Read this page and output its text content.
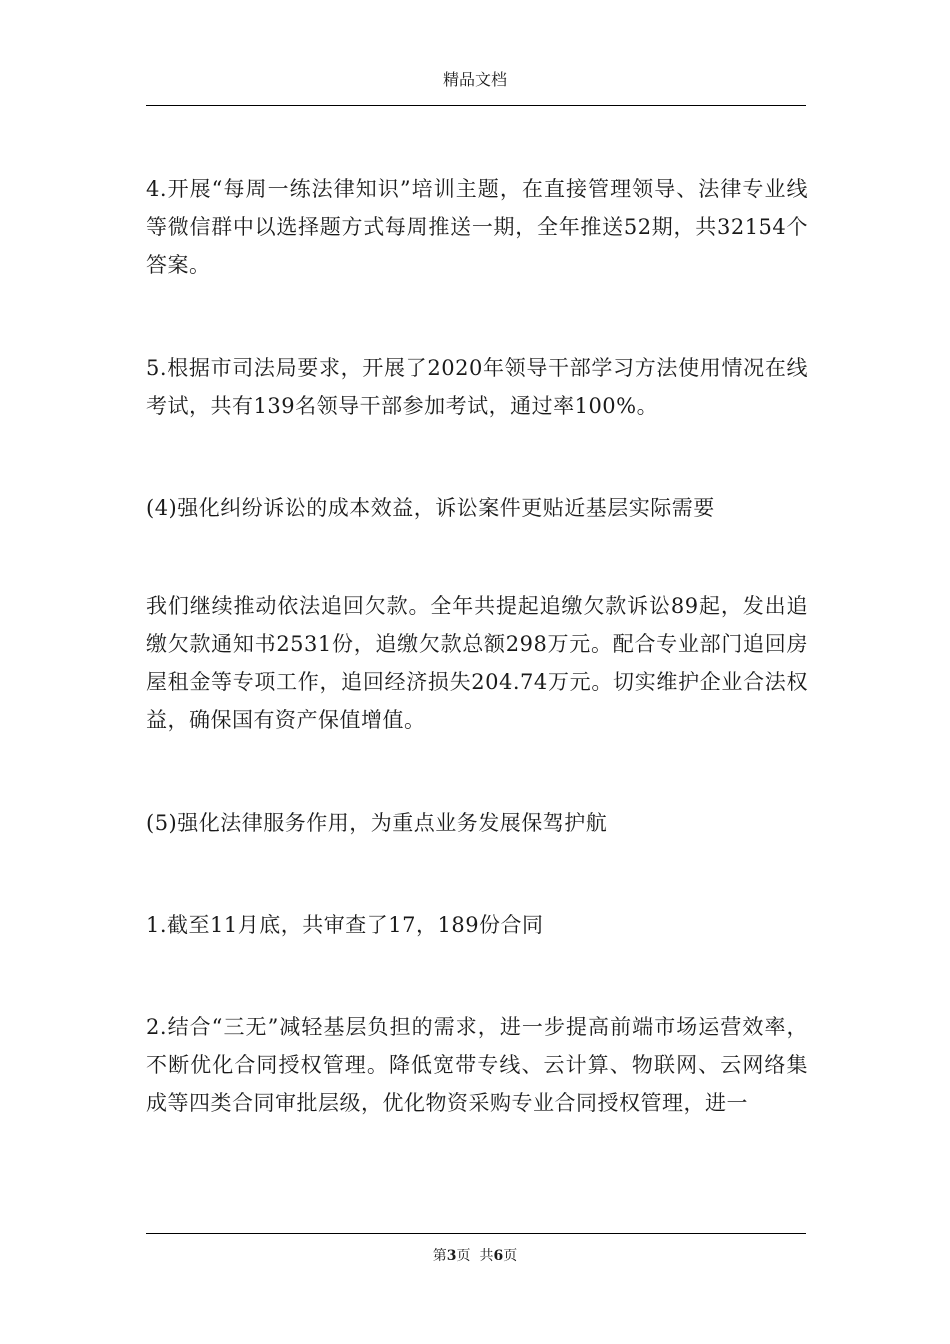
精品文档

4.开展“每周一练法律知识”培训主题，在直接管理领导、法律专业线等微信群中以选择题方式每周推送一期，全年推送52期，共32154个答案。

5.根据市司法局要求，开展了2020年领导干部学习方法使用情况在线考试，共有139名领导干部参加考试，通过率100%。

(4)强化纠纷诉讼的成本效益，诉讼案件更贴近基层实际需要

我们继续推动依法追回欠款。全年共提起追缴欠款诉讼89起，发出追缴欠款通知书2531份，追缴欠款总额298万元。配合专业部门追回房屋租金等专项工作，追回经济损失204.74万元。切实维护企业合法权益，确保国有资产保值增值。

(5)强化法律服务作用，为重点业务发展保驾护航

1.截至11月底，共审查了17，189份合同

2.结合“三无”减轻基层负担的需求，进一步提高前端市场运营效率，不断优化合同授权管理。降低宽带专线、云计算、物联网、云网络集成等四类合同审批层级，优化物资采购专业合同授权管理，进一

第3页  共6页
